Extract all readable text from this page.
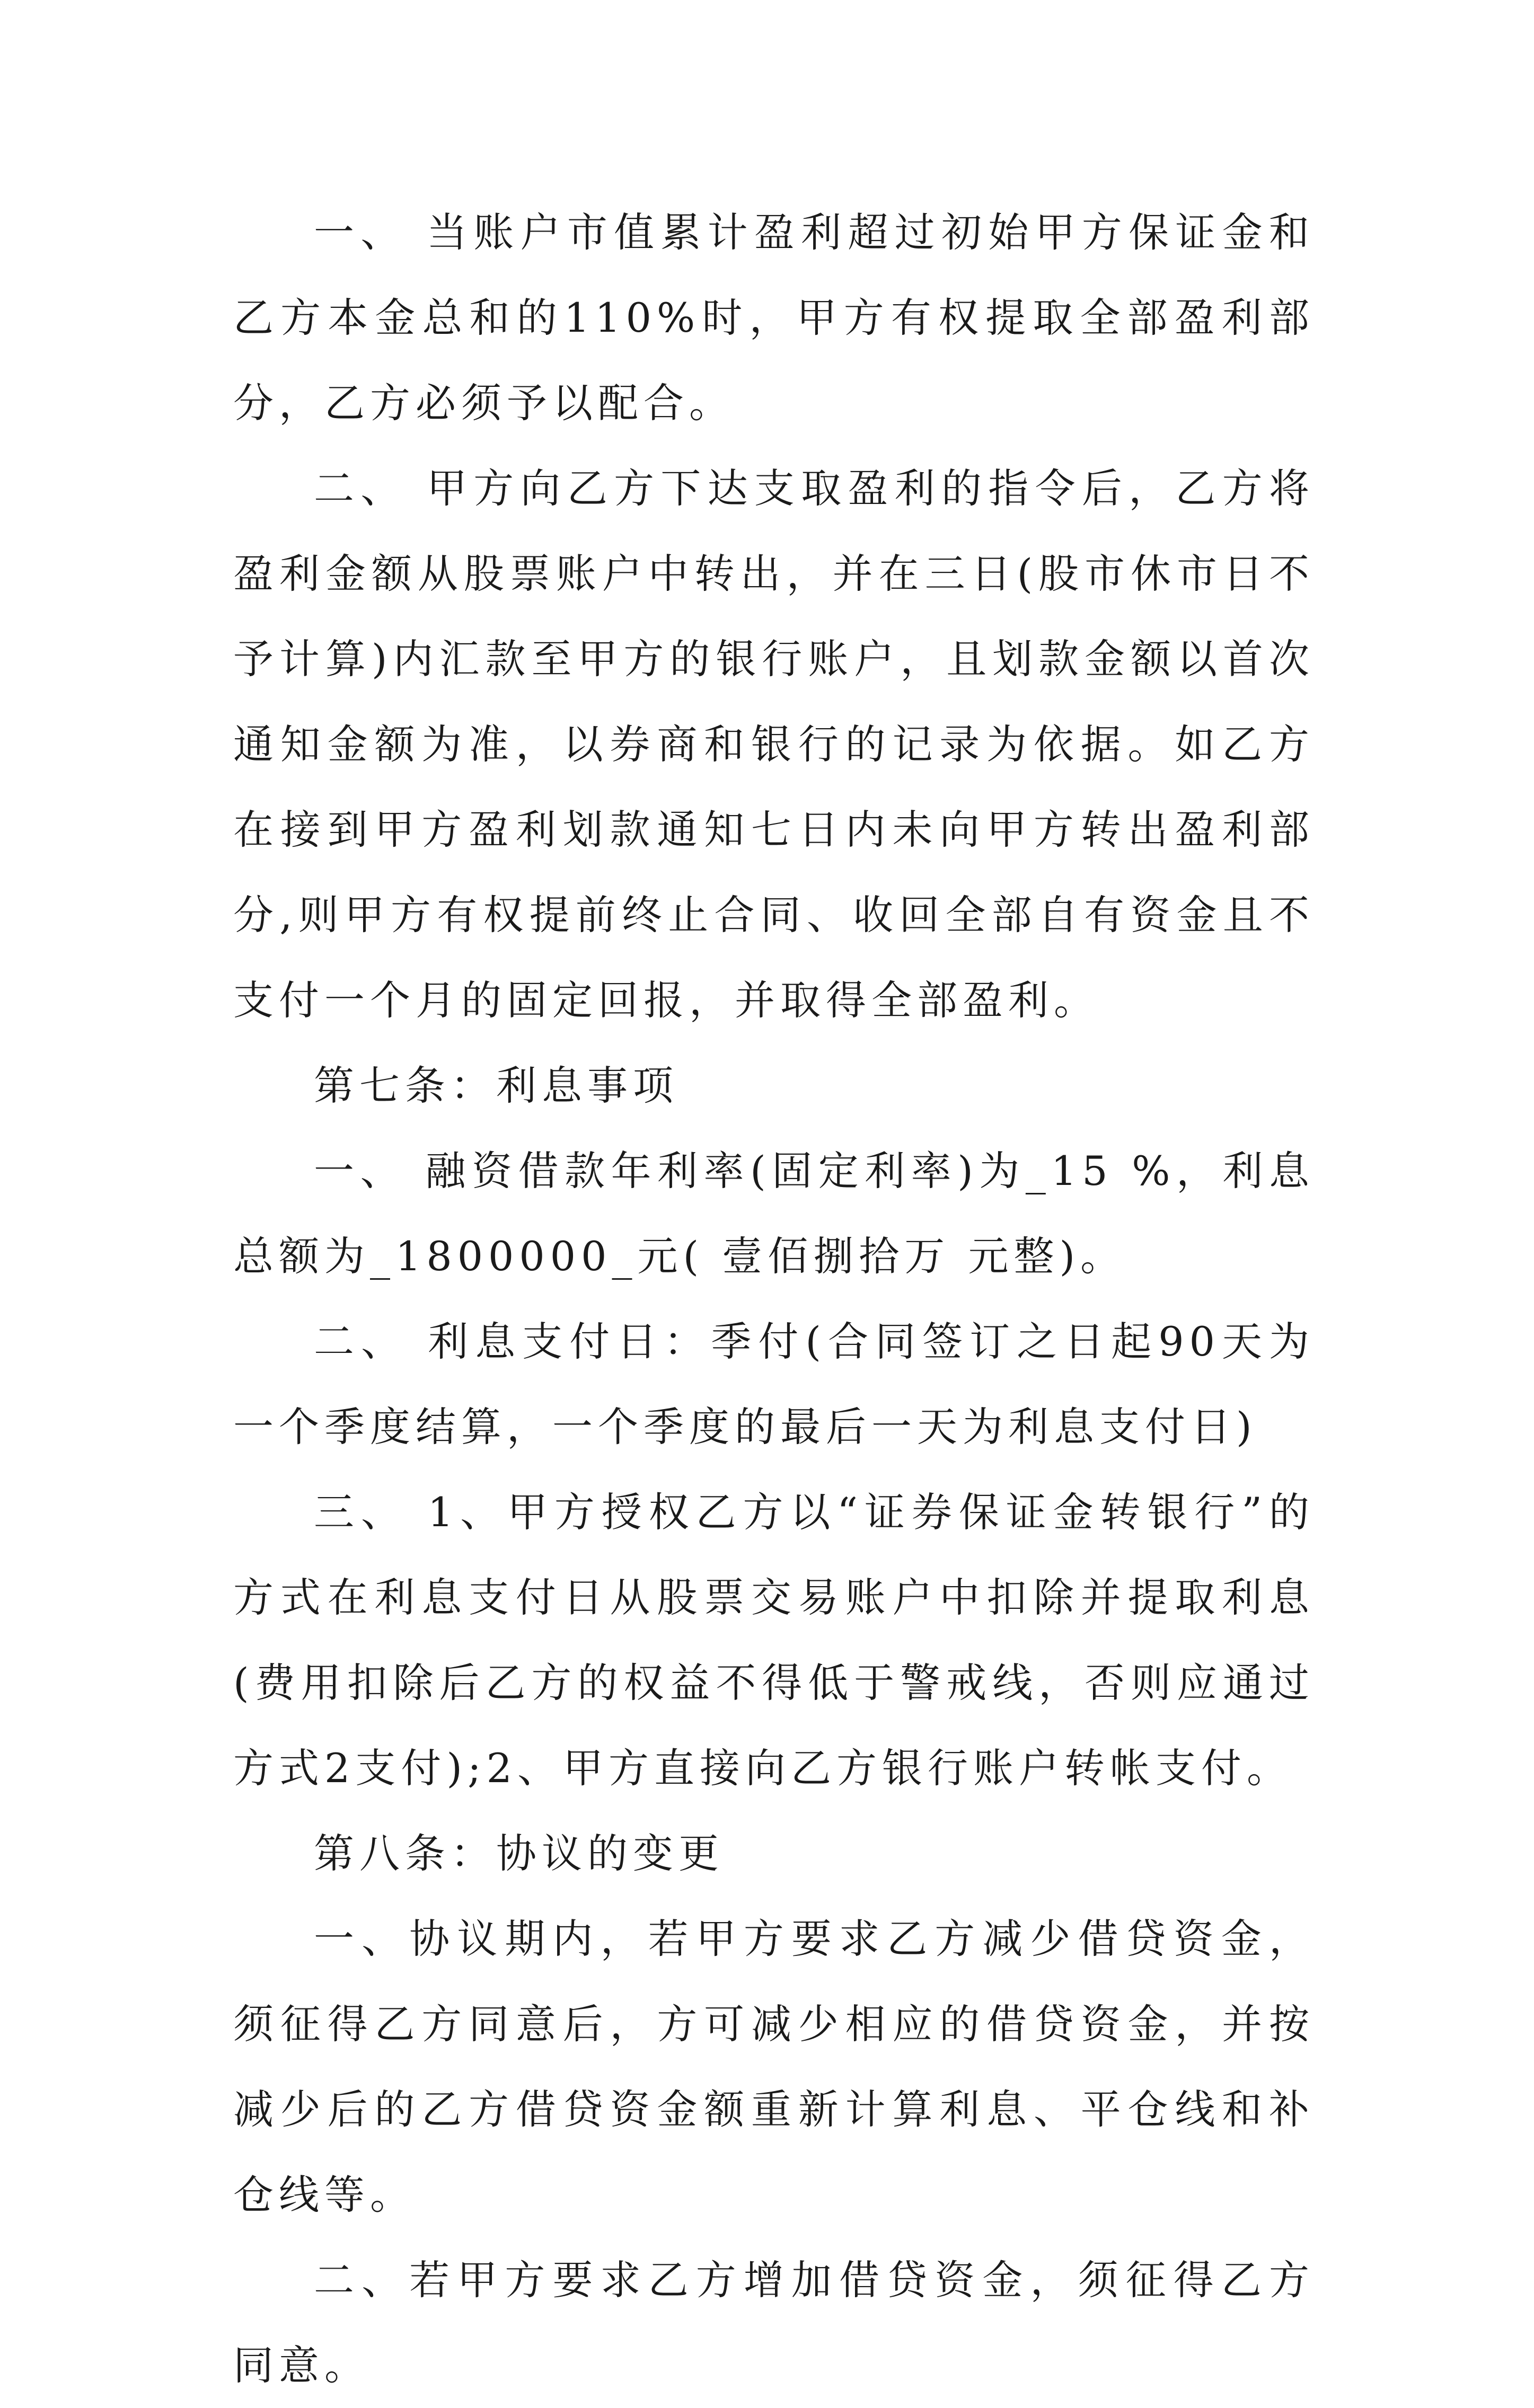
一、 当账户市值累计盈利超过初始甲方保证金和乙方本金总和的110%时，甲方有权提取全部盈利部分，乙方必须予以配合。

二、 甲方向乙方下达支取盈利的指令后，乙方将盈利金额从股票账户中转出，并在三日(股市休市日不予计算)内汇款至甲方的银行账户，且划款金额以首次通知金额为准，以券商和银行的记录为依据。如乙方在接到甲方盈利划款通知七日内未向甲方转出盈利部分,则甲方有权提前终止合同、收回全部自有资金且不支付一个月的固定回报，并取得全部盈利。

第七条：利息事项

一、 融资借款年利率(固定利率)为_15 %，利息总额为_1800000_元( 壹佰捌拾万 元整)。

二、 利息支付日：季付(合同签订之日起90天为一个季度结算，一个季度的最后一天为利息支付日)

三、 1、甲方授权乙方以“证券保证金转银行”的方式在利息支付日从股票交易账户中扣除并提取利息(费用扣除后乙方的权益不得低于警戒线，否则应通过方式2支付);2、甲方直接向乙方银行账户转帐支付。

第八条：协议的变更

一、协议期内，若甲方要求乙方减少借贷资金，须征得乙方同意后，方可减少相应的借贷资金，并按减少后的乙方借贷资金额重新计算利息、平仓线和补仓线等。

二、若甲方要求乙方增加借贷资金，须征得乙方同意。
